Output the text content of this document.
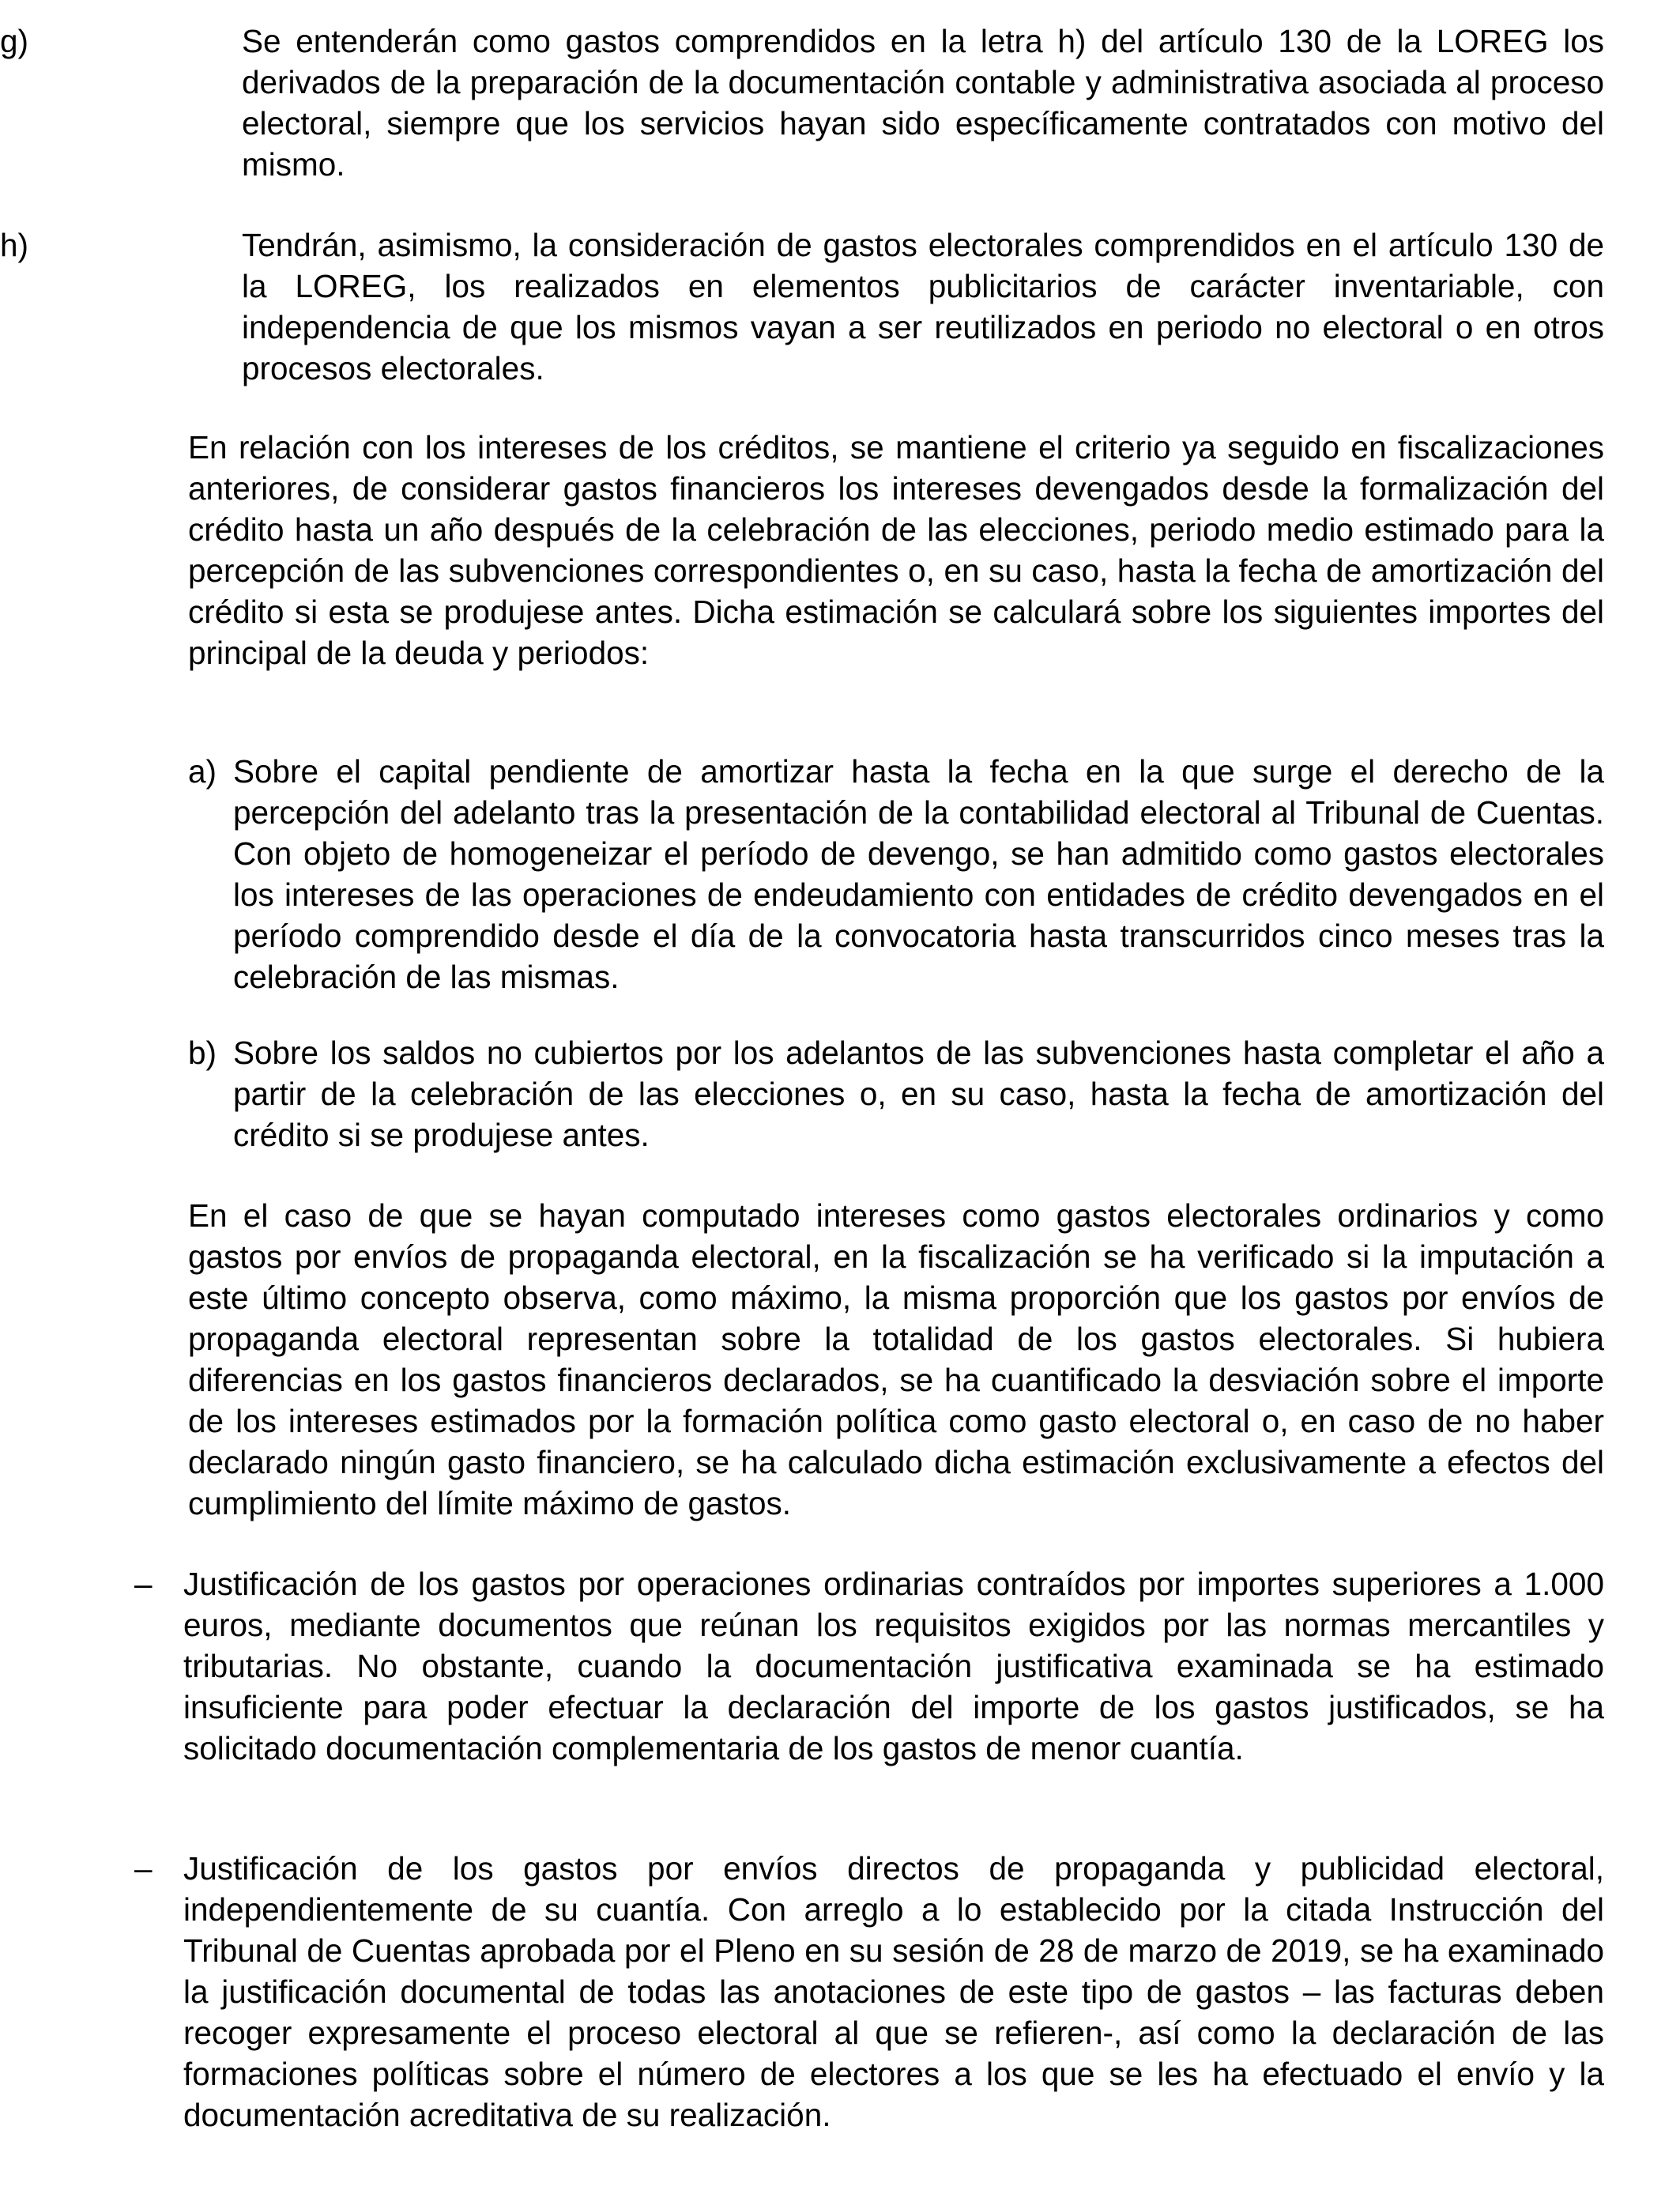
g)	Se entenderán como gastos comprendidos en la letra h) del artículo 130 de la LOREG los derivados de la preparación de la documentación contable y administrativa asociada al proceso electoral, siempre que los servicios hayan sido específicamente contratados con motivo del mismo.
h)	Tendrán, asimismo, la consideración de gastos electorales comprendidos en el artículo 130 de la LOREG, los realizados en elementos publicitarios de carácter inventariable, con independencia de que los mismos vayan a ser reutilizados en periodo no electoral o en otros procesos electorales.

En relación con los intereses de los créditos, se mantiene el criterio ya seguido en fiscalizaciones anteriores, de considerar gastos financieros los intereses devengados desde la formalización del crédito hasta un año después de la celebración de las elecciones, periodo medio estimado para la percepción de las subvenciones correspondientes o, en su caso, hasta la fecha de amortización del crédito si esta se produjese antes. Dicha estimación se calculará sobre los siguientes importes del principal de la deuda y periodos:

a) Sobre el capital pendiente de amortizar hasta la fecha en la que surge el derecho de la percepción del adelanto tras la presentación de la contabilidad electoral al Tribunal de Cuentas. Con objeto de homogeneizar el período de devengo, se han admitido como gastos electorales los intereses de las operaciones de endeudamiento con entidades de crédito devengados en el período comprendido desde el día de la convocatoria hasta transcurridos cinco meses tras la celebración de las mismas.
b) Sobre los saldos no cubiertos por los adelantos de las subvenciones hasta completar el año a partir de la celebración de las elecciones o, en su caso, hasta la fecha de amortización del crédito si se produjese antes.

En el caso de que se hayan computado intereses como gastos electorales ordinarios y como gastos por envíos de propaganda electoral, en la fiscalización se ha verificado si la imputación a este último concepto observa, como máximo, la misma proporción que los gastos por envíos de propaganda electoral representan sobre la totalidad de los gastos electorales. Si hubiera diferencias en los gastos financieros declarados, se ha cuantificado la desviación sobre el importe de los intereses estimados por la formación política como gasto electoral o, en caso de no haber declarado ningún gasto financiero, se ha calculado dicha estimación exclusivamente a efectos del cumplimiento del límite máximo de gastos.

– Justificación de los gastos por operaciones ordinarias contraídos por importes superiores a 1.000 euros, mediante documentos que reúnan los requisitos exigidos por las normas mercantiles y tributarias. No obstante, cuando la documentación justificativa examinada se ha estimado insuficiente para poder efectuar la declaración del importe de los gastos justificados, se ha solicitado documentación complementaria de los gastos de menor cuantía.
– Justificación de los gastos por envíos directos de propaganda y publicidad electoral, independientemente de su cuantía. Con arreglo a lo establecido por la citada Instrucción del Tribunal de Cuentas aprobada por el Pleno en su sesión de 28 de marzo de 2019, se ha examinado la justificación documental de todas las anotaciones de este tipo de gastos – las facturas deben recoger expresamente el proceso electoral al que se refieren-, así como la declaración de las formaciones políticas sobre el número de electores a los que se les ha efectuado el envío y la documentación acreditativa de su realización.
